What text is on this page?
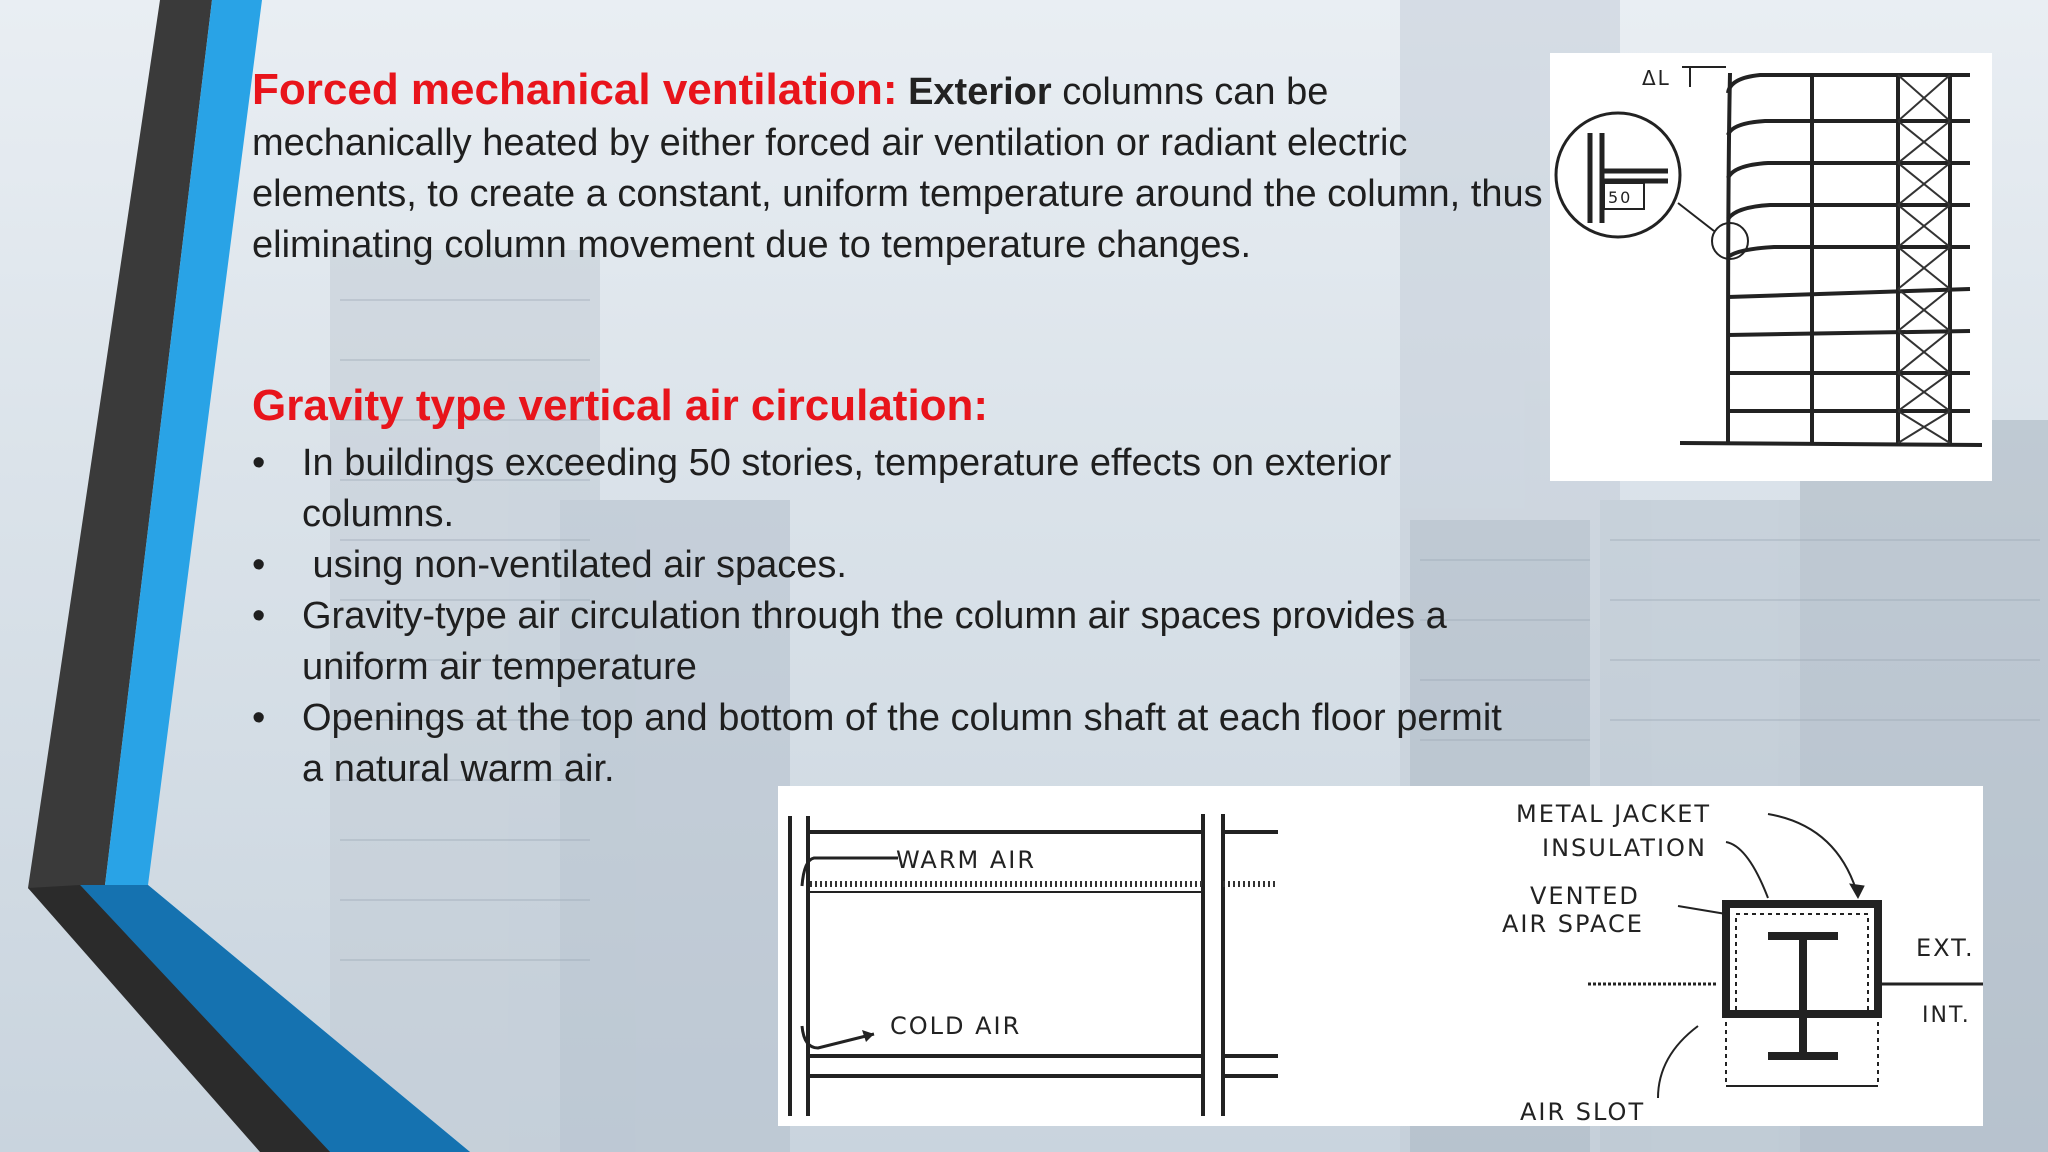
Forced mechanical ventilation: Exterior columns can be mechanically heated by either forced air ventilation or radiant electric elements, to create a constant, uniform temperature around the column, thus eliminating column movement due to temperature changes.

Gravity type vertical air circulation:
• In buildings exceeding 50 stories, temperature effects on exterior columns.
• using non-ventilated air spaces.
• Gravity-type air circulation through the column air spaces provides a uniform air temperature
• Openings at the top and bottom of the column shaft at each floor permit a natural warm air.
ΔL
50
WARM AIR
COLD AIR
METAL JACKET
INSULATION
VENTED
AIR SPACE
EXT.
INT.
AIR SLOT
